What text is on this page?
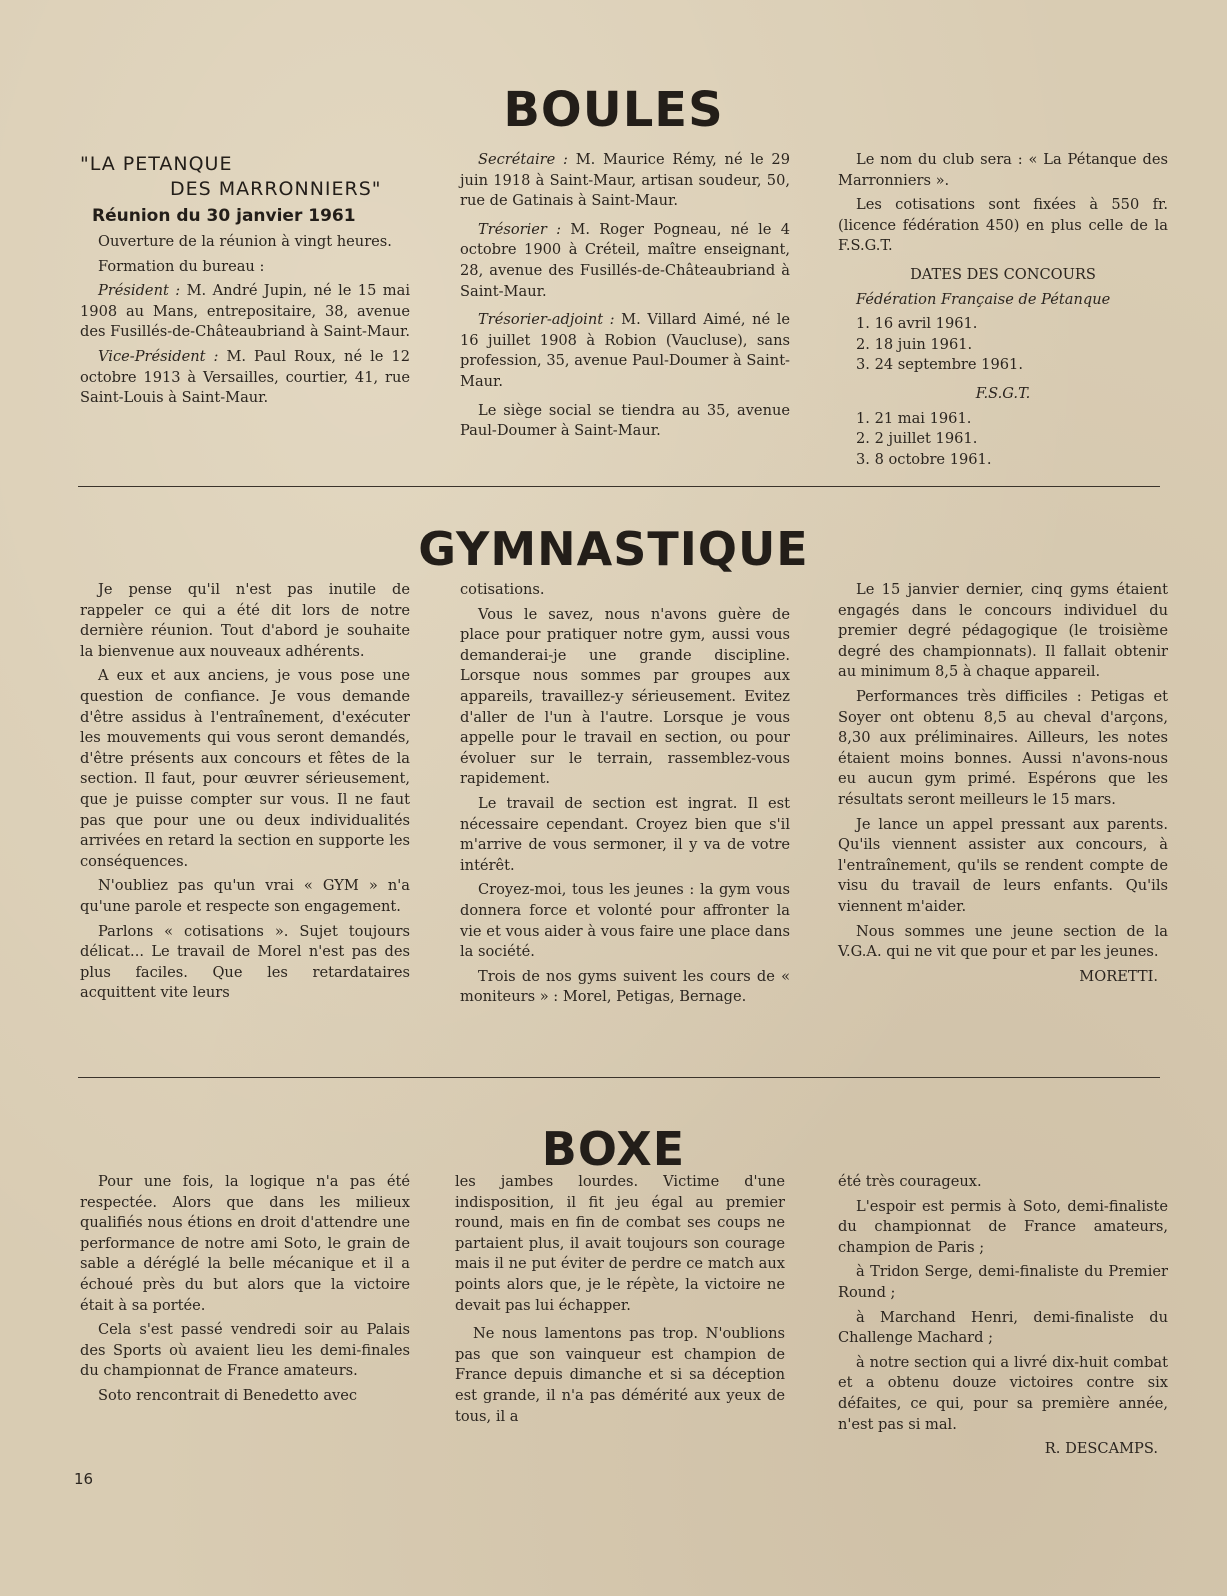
BOULES
"LA PETANQUE
DES MARRONNIERS"
Réunion du 30 janvier 1961

Ouverture de la réunion à vingt heures.

Formation du bureau :

Président : M. André Jupin, né le 15 mai 1908 au Mans, entrepositaire, 38, avenue des Fusillés-de-Châteaubriand à Saint-Maur.

Vice-Président : M. Paul Roux, né le 12 octobre 1913 à Versailles, courtier, 41, rue Saint-Louis à Saint-Maur.

Secrétaire : M. Maurice Rémy, né le 29 juin 1918 à Saint-Maur, artisan soudeur, 50, rue de Gatinais à Saint-Maur.

Trésorier : M. Roger Pogneau, né le 4 octobre 1900 à Créteil, maître enseignant, 28, avenue des Fusillés-de-Châteaubriand à Saint-Maur.

Trésorier-adjoint : M. Villard Aimé, né le 16 juillet 1908 à Robion (Vaucluse), sans profession, 35, avenue Paul-Doumer à Saint-Maur.

Le siège social se tiendra au 35, avenue Paul-Doumer à Saint-Maur.

Le nom du club sera : « La Pétanque des Marronniers ».

Les cotisations sont fixées à 550 fr. (licence fédération 450) en plus celle de la F.S.G.T.

DATES DES CONCOURS

Fédération Française de Pétanque

1. 16 avril 1961.

2. 18 juin 1961.

3. 24 septembre 1961.

F.S.G.T.

1. 21 mai 1961.

2. 2 juillet 1961.

3. 8 octobre 1961.

GYMNASTIQUE

Je pense qu'il n'est pas inutile de rappeler ce qui a été dit lors de notre dernière réunion. Tout d'abord je souhaite la bienvenue aux nouveaux adhérents.

A eux et aux anciens, je vous pose une question de confiance. Je vous demande d'être assidus à l'entraînement, d'exécuter les mouvements qui vous seront demandés, d'être présents aux concours et fêtes de la section. Il faut, pour œuvrer sérieusement, que je puisse compter sur vous. Il ne faut pas que pour une ou deux individualités arrivées en retard la section en supporte les conséquences.

N'oubliez pas qu'un vrai « GYM » n'a qu'une parole et respecte son engagement.

Parlons « cotisations ». Sujet toujours délicat... Le travail de Morel n'est pas des plus faciles. Que les retardataires acquittent vite leurs

cotisations.

Vous le savez, nous n'avons guère de place pour pratiquer notre gym, aussi vous demanderai-je une grande discipline. Lorsque nous sommes par groupes aux appareils, travaillez-y sérieusement. Evitez d'aller de l'un à l'autre. Lorsque je vous appelle pour le travail en section, ou pour évoluer sur le terrain, rassemblez-vous rapidement.

Le travail de section est ingrat. Il est nécessaire cependant. Croyez bien que s'il m'arrive de vous sermoner, il y va de votre intérêt.

Croyez-moi, tous les jeunes : la gym vous donnera force et volonté pour affronter la vie et vous aider à vous faire une place dans la société.

Trois de nos gyms suivent les cours de « moniteurs » : Morel, Petigas, Bernage.

Le 15 janvier dernier, cinq gyms étaient engagés dans le concours individuel du premier degré pédagogique (le troisième degré des championnats). Il fallait obtenir au minimum 8,5 à chaque appareil.

Performances très difficiles : Petigas et Soyer ont obtenu 8,5 au cheval d'arçons, 8,30 aux préliminaires. Ailleurs, les notes étaient moins bonnes. Aussi n'avons-nous eu aucun gym primé. Espérons que les résultats seront meilleurs le 15 mars.

Je lance un appel pressant aux parents. Qu'ils viennent assister aux concours, à l'entraînement, qu'ils se rendent compte de visu du travail de leurs enfants. Qu'ils viennent m'aider.

Nous sommes une jeune section de la V.G.A. qui ne vit que pour et par les jeunes.

MORETTI.

BOXE

Pour une fois, la logique n'a pas été respectée. Alors que dans les milieux qualifiés nous étions en droit d'attendre une performance de notre ami Soto, le grain de sable a déréglé la belle mécanique et il a échoué près du but alors que la victoire était à sa portée.

Cela s'est passé vendredi soir au Palais des Sports où avaient lieu les demi-finales du championnat de France amateurs.

Soto rencontrait di Benedetto avec

les jambes lourdes. Victime d'une indisposition, il fit jeu égal au premier round, mais en fin de combat ses coups ne partaient plus, il avait toujours son courage mais il ne put éviter de perdre ce match aux points alors que, je le répète, la victoire ne devait pas lui échapper.

Ne nous lamentons pas trop. N'oublions pas que son vainqueur est champion de France depuis dimanche et si sa déception est grande, il n'a pas démérité aux yeux de tous, il a

été très courageux.

L'espoir est permis à Soto, demi-finaliste du championnat de France amateurs, champion de Paris ;

à Tridon Serge, demi-finaliste du Premier Round ;

à Marchand Henri, demi-finaliste du Challenge Machard ;

à notre section qui a livré dix-huit combat et a obtenu douze victoires contre six défaites, ce qui, pour sa première année, n'est pas si mal.

R. DESCAMPS.

16
